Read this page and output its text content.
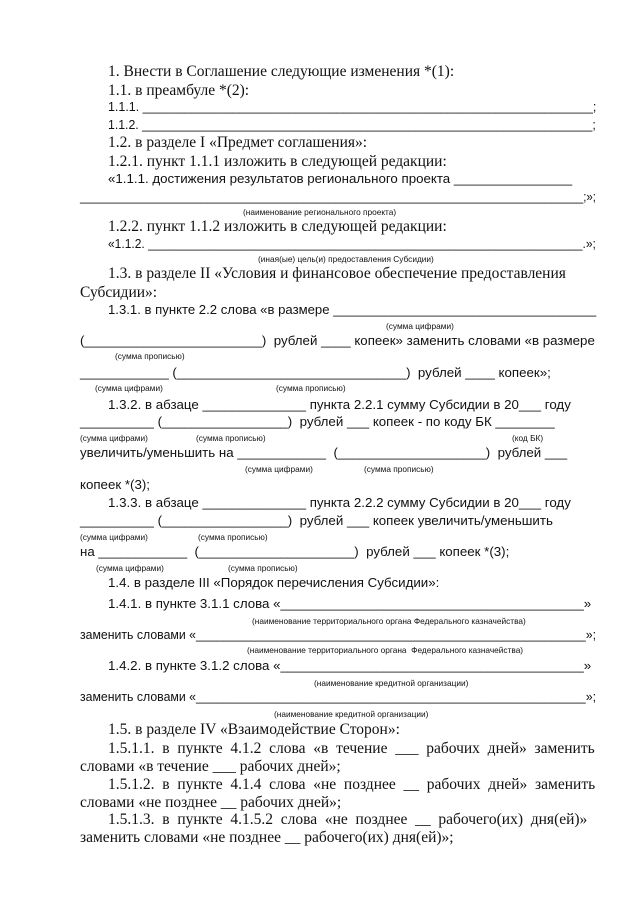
1. Внести в Соглашение следующие изменения *(1):
1.1. в преамбуле *(2):
1.1.1. _________________________________________________________________;
1.1.2. __________________________________________________________________;
1.2. в разделе I «Предмет соглашения»:
1.2.1. пункт 1.1.1 изложить в следующей редакции:
«1.1.1. достижения результатов регионального проекта ________________
_______________________________________________________________________________;»;
(наименование регионального проекта)
1.2.2. пункт 1.1.2 изложить в следующей редакции:
«1.1.2. _________________________________________________________________.»;
(иная(ые) цель(и) предоставления Субсидии)
1.3. в разделе II «Условия и финансовое обеспечение предоставления
Субсидии»:
1.3.1. в пункте 2.2 слова «в размере ____________________________________
(сумма цифрами)
(________________________)  рублей ____ копеек» заменить словами «в размере
(сумма прописью)
____________ (_______________________________)  рублей ____ копеек»;
(сумма цифрами)	(сумма прописью)
1.3.2. в абзаце ______________ пункта 2.2.1 сумму Субсидии в 20___ году
__________ (_________________)  рублей ___ копеек - по коду БК ________
(сумма цифрами)	(сумма прописью)	(код БК)
увеличить/уменьшить на ____________  (____________________)  рублей ___
(сумма цифрами)	(сумма прописью)
копеек *(3);
1.3.3. в абзаце ______________ пункта 2.2.2 сумму Субсидии в 20___ году
__________ (_________________)  рублей ___ копеек увеличить/уменьшить
(сумма цифрами)	(сумма прописью)
на ____________  (_____________________)  рублей ___ копеек *(3);
(сумма цифрами)	(сумма прописью)
1.4. в разделе III «Порядок перечисления Субсидии»:
1.4.1. в пункте 3.1.1 слова «_________________________________________»
(наименование территориального органа Федерального казначейства)
заменить словами «_________________________________________________________»;
(наименование территориального органа  Федерального казначейства)
1.4.2. в пункте 3.1.2 слова «_________________________________________»
(наименование кредитной организации)
заменить словами «_________________________________________________________»;
(наименование кредитной организации)
1.5. в разделе IV «Взаимодействие Сторон»:
1.5.1.1.  в  пункте  4.1.2  слова  «в  течение  ___  рабочих  дней»  заменить
словами «в течение ___ рабочих дней»;
1.5.1.2.  в  пункте  4.1.4  слова  «не  позднее  __  рабочих  дней»  заменить
словами «не позднее __ рабочих дней»;
1.5.1.3.  в  пункте  4.1.5.2  слова  «не  позднее  __  рабочего(их)  дня(ей)»
заменить словами «не позднее __ рабочего(их) дня(ей)»;
